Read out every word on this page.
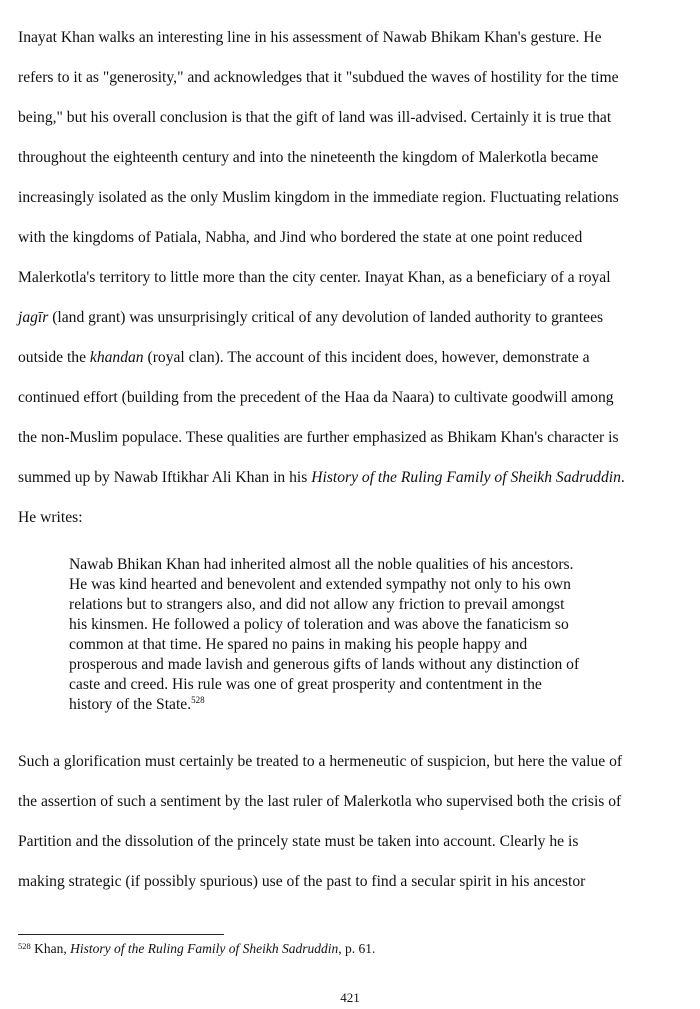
Inayat Khan walks an interesting line in his assessment of Nawab Bhikam Khan's gesture. He
refers to it as "generosity," and acknowledges that it "subdued the waves of hostility for the time
being," but his overall conclusion is that the gift of land was ill-advised. Certainly it is true that
throughout the eighteenth century and into the nineteenth the kingdom of Malerkotla became
increasingly isolated as the only Muslim kingdom in the immediate region. Fluctuating relations
with the kingdoms of Patiala, Nabha, and Jind who bordered the state at one point reduced
Malerkotla's territory to little more than the city center. Inayat Khan, as a beneficiary of a royal
jagīr (land grant) was unsurprisingly critical of any devolution of landed authority to grantees
outside the khandan (royal clan). The account of this incident does, however, demonstrate a
continued effort (building from the precedent of the Haa da Naara) to cultivate goodwill among
the non-Muslim populace. These qualities are further emphasized as Bhikam Khan's character is
summed up by Nawab Iftikhar Ali Khan in his History of the Ruling Family of Sheikh Sadruddin.
He writes:
Nawab Bhikan Khan had inherited almost all the noble qualities of his ancestors.
He was kind hearted and benevolent and extended sympathy not only to his own
relations but to strangers also, and did not allow any friction to prevail amongst
his kinsmen. He followed a policy of toleration and was above the fanaticism so
common at that time. He spared no pains in making his people happy and
prosperous and made lavish and generous gifts of lands without any distinction of
caste and creed. His rule was one of great prosperity and contentment in the
history of the State.$^{528}$
Such a glorification must certainly be treated to a hermeneutic of suspicion, but here the value of
the assertion of such a sentiment by the last ruler of Malerkotla who supervised both the crisis of
Partition and the dissolution of the princely state must be taken into account. Clearly he is
making strategic (if possibly spurious) use of the past to find a secular spirit in his ancestor
$^{528}$ Khan, History of the Ruling Family of Sheikh Sadruddin, p. 61.
421
